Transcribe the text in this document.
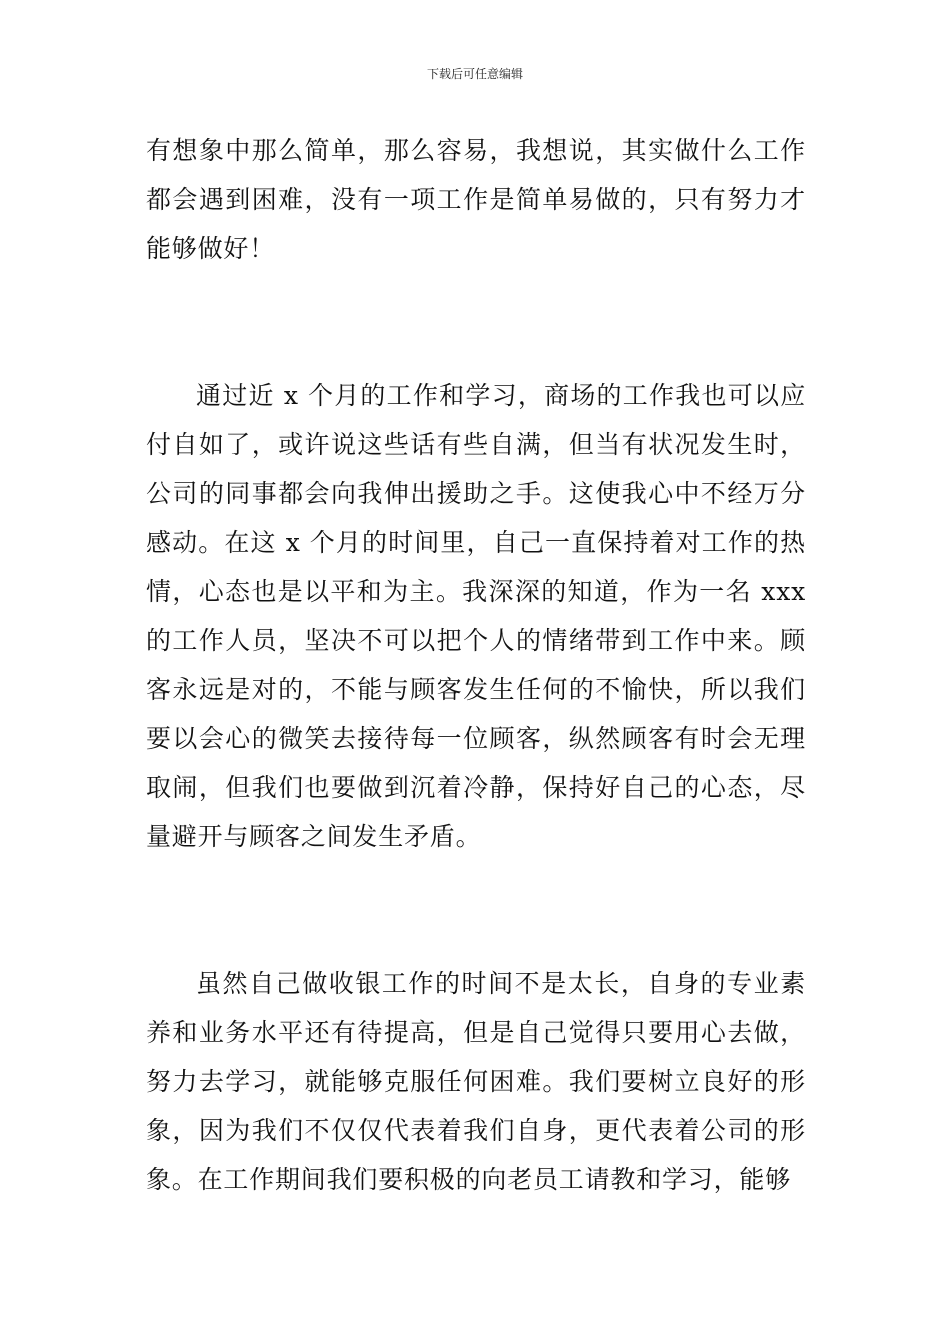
下载后可任意编辑

有想象中那么简单，那么容易，我想说，其实做什么工作都会遇到困难，没有一项工作是简单易做的，只有努力才能够做好！

通过近 x 个月的工作和学习，商场的工作我也可以应付自如了，或许说这些话有些自满，但当有状况发生时，公司的同事都会向我伸出援助之手。这使我心中不经万分感动。在这 x 个月的时间里，自己一直保持着对工作的热情，心态也是以平和为主。我深深的知道，作为一名 xxx 的工作人员，坚决不可以把个人的情绪带到工作中来。顾客永远是对的，不能与顾客发生任何的不愉快，所以我们要以会心的微笑去接待每一位顾客，纵然顾客有时会无理取闹，但我们也要做到沉着冷静，保持好自己的心态，尽量避开与顾客之间发生矛盾。

虽然自己做收银工作的时间不是太长，自身的专业素养和业务水平还有待提高，但是自己觉得只要用心去做，努力去学习，就能够克服任何困难。我们要树立良好的形象，因为我们不仅仅代表着我们自身，更代表着公司的形象。在工作期间我们要积极的向老员工请教和学习，能够
